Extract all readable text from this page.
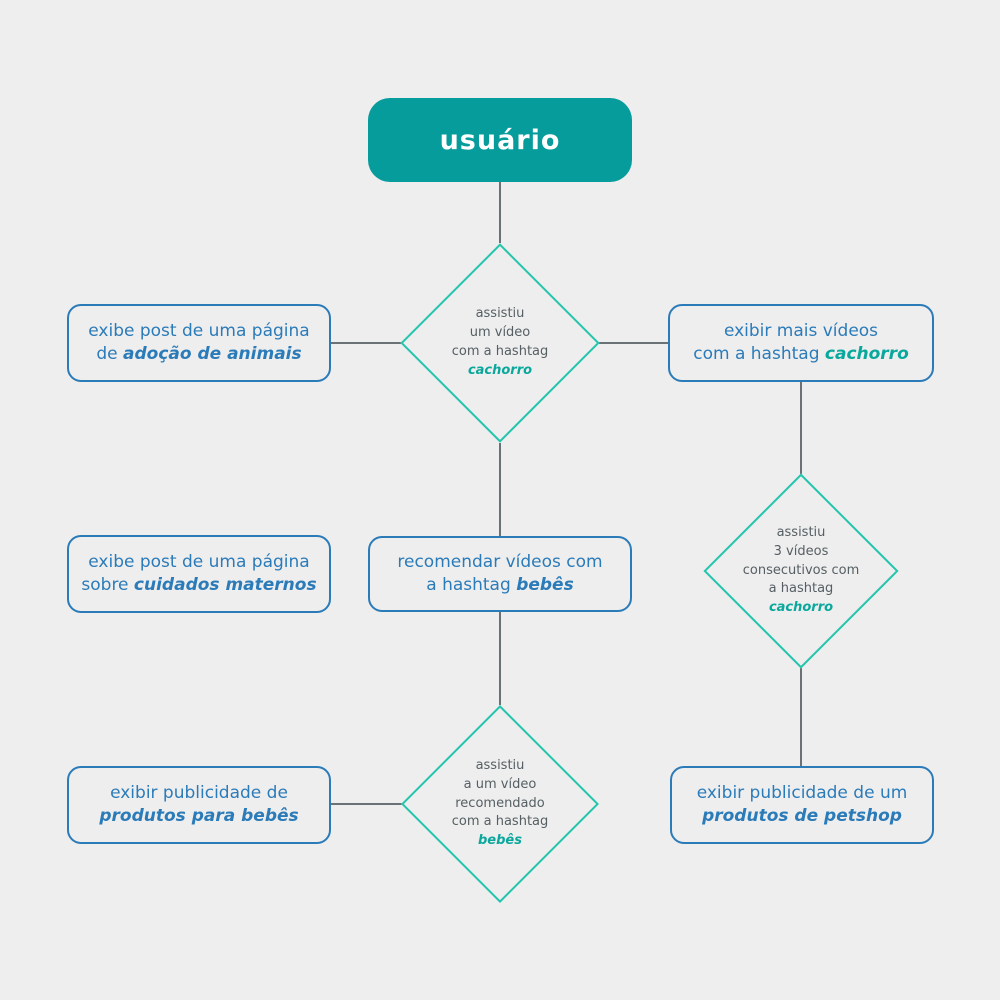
usuário
assistiu
um vídeo
com a hashtag
cachorro
assistiu
3 vídeos
consecutivos com
a hashtag
cachorro
assistiu
a um vídeo
recomendado
com a hashtag
bebês
exibe post de uma página
de adoção de animais
exibir mais vídeos
com a hashtag cachorro
exibe post de uma página
sobre cuidados maternos
recomendar vídeos com
a hashtag bebês
exibir publicidade de
produtos para bebês
exibir publicidade de um
produtos de petshop
